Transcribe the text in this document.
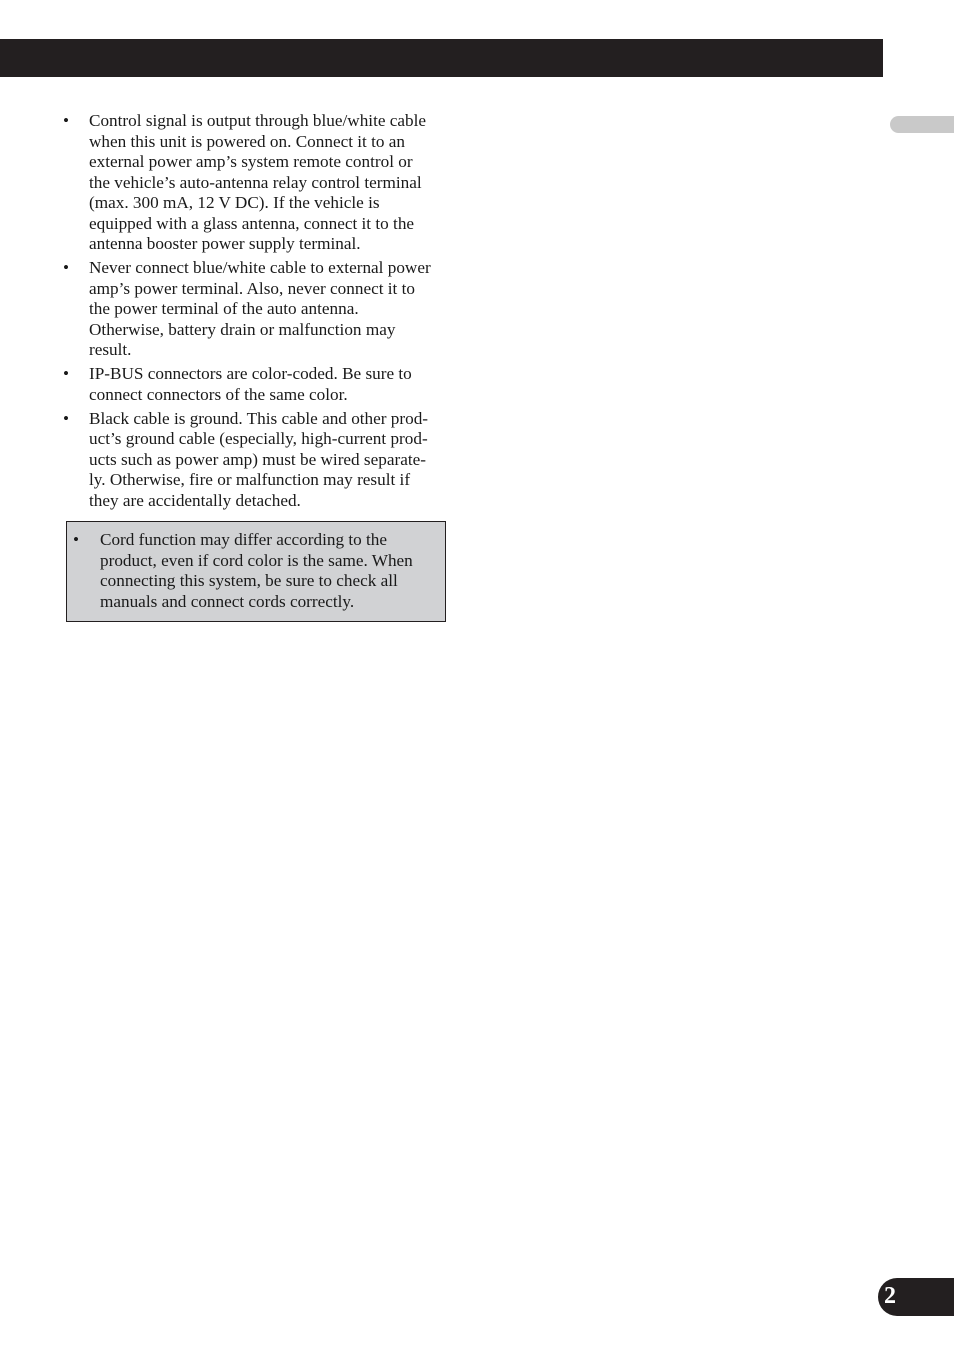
• Control signal is output through blue/white cable
when this unit is powered on. Connect it to an
external power amp’s system remote control or
the vehicle’s auto-antenna relay control terminal
(max. 300 mA, 12 V DC). If the vehicle is
equipped with a glass antenna, connect it to the
antenna booster power supply terminal.
• Never connect blue/white cable to external power
amp’s power terminal. Also, never connect it to
the power terminal of the auto antenna.
Otherwise, battery drain or malfunction may
result.
• IP-BUS connectors are color-coded. Be sure to
connect connectors of the same color.
• Black cable is ground. This cable and other prod-
uct’s ground cable (especially, high-current prod-
ucts such as power amp) must be wired separate-
ly. Otherwise, fire or malfunction may result if
they are accidentally detached.
• Cord function may differ according to the
product, even if cord color is the same. When
connecting this system, be sure to check all
manuals and connect cords correctly.
2
